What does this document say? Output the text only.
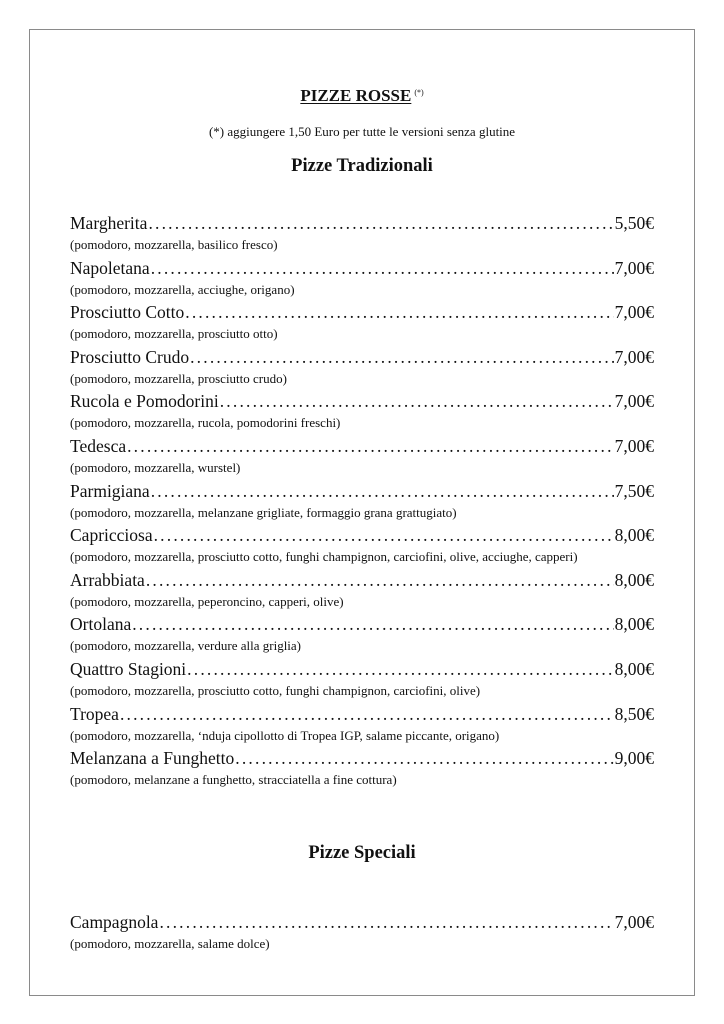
PIZZE ROSSE (*)
(*) aggiungere 1,50 Euro per tutte le versioni senza glutine
Pizze Tradizionali
Margherita .....	5,50€
(pomodoro, mozzarella, basilico fresco)
Napoletana .....	7,00€
(pomodoro, mozzarella, acciughe, origano)
Prosciutto Cotto .....	7,00€
(pomodoro, mozzarella, prosciutto otto)
Prosciutto Crudo .....	7,00€
(pomodoro, mozzarella, prosciutto crudo)
Rucola e Pomodorini .....	7,00€
(pomodoro, mozzarella, rucola, pomodorini freschi)
Tedesca .....	7,00€
(pomodoro, mozzarella, wurstel)
Parmigiana .....	7,50€
(pomodoro, mozzarella, melanzane grigliate, formaggio grana grattugiato)
Capricciosa .....	8,00€
(pomodoro, mozzarella, prosciutto cotto, funghi champignon, carciofini, olive, acciughe, capperi)
Arrabbiata .....	8,00€
(pomodoro, mozzarella, peperoncino, capperi, olive)
Ortolana .....	8,00€
(pomodoro, mozzarella, verdure alla griglia)
Quattro Stagioni .....	8,00€
(pomodoro, mozzarella, prosciutto cotto, funghi champignon, carciofini, olive)
Tropea .....	8,50€
(pomodoro, mozzarella, ‘nduja cipollotto di Tropea IGP, salame piccante, origano)
Melanzana a Funghetto .....	9,00€
(pomodoro, melanzane a funghetto, stracciatella a fine cottura)
Pizze Speciali
Campagnola .....	7,00€
(pomodoro, mozzarella, salame dolce)
